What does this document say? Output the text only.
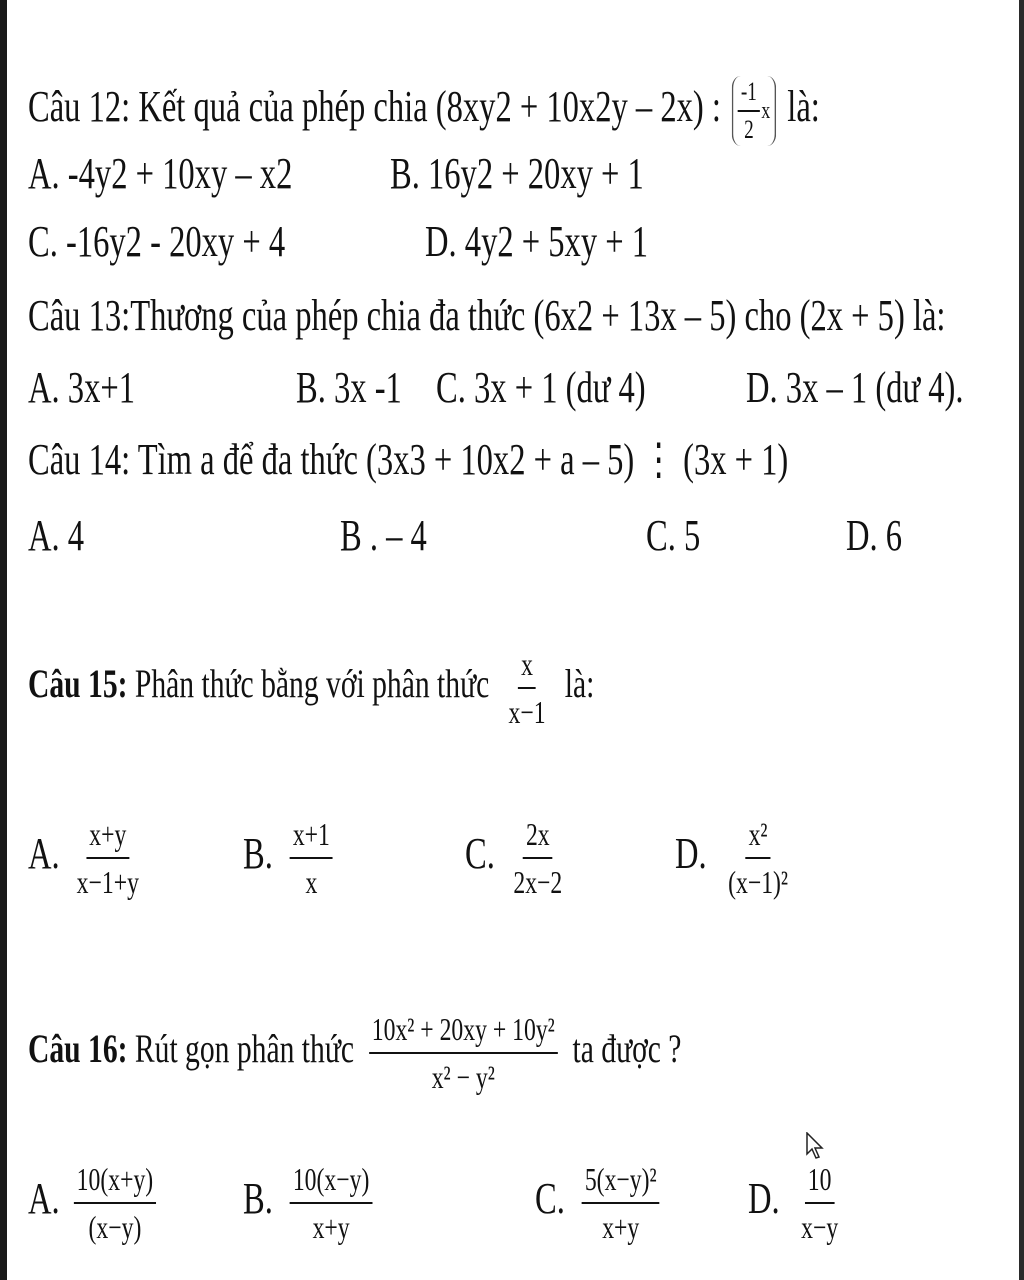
Câu 12: Kết quả của phép chia (8xy2 + 10x2y – 2x) : $\frac{-1}{2}$ x là:
A. -4y2 + 10xy – x2	B. 16y2 + 20xy + 1
C. -16y2 - 20xy + 4	D. 4y2 + 5xy + 1
Câu 13:Thương của phép chia đa thức (6x2 + 13x – 5) cho (2x + 5) là:
A. 3x+1	B. 3x -1 C. 3x + 1 (dư 4)	D. 3x – 1 (dư 4).
Câu 14: Tìm a để đa thức (3x3 + 10x2 + a – 5) ⋮ (3x + 1)
A. 4	B . – 4	C. 5	D. 6
Câu 15: Phân thức bằng với phân thức $\frac{x}{x-1}$ là:
A. $\frac{x+y}{x-1+y} B$. $\frac{x+1}{x}$	C. $\frac{2x}{2x-2} D$. $\frac{\text{x²}}{\text{(x−1)²}}$
Câu 16: Rút gọn phân thức $\frac{\text{10x² + 20xy + 10y²}}{\text{x² − y²}}$ ta được ?
A. $\frac{10(x+y)}{(x-y)} B$. $\frac{10(x-y)}{x+y}$	C. $\frac{\text{5(x−y)²}}{x+y} D$. $\frac{10}{x-y}$
